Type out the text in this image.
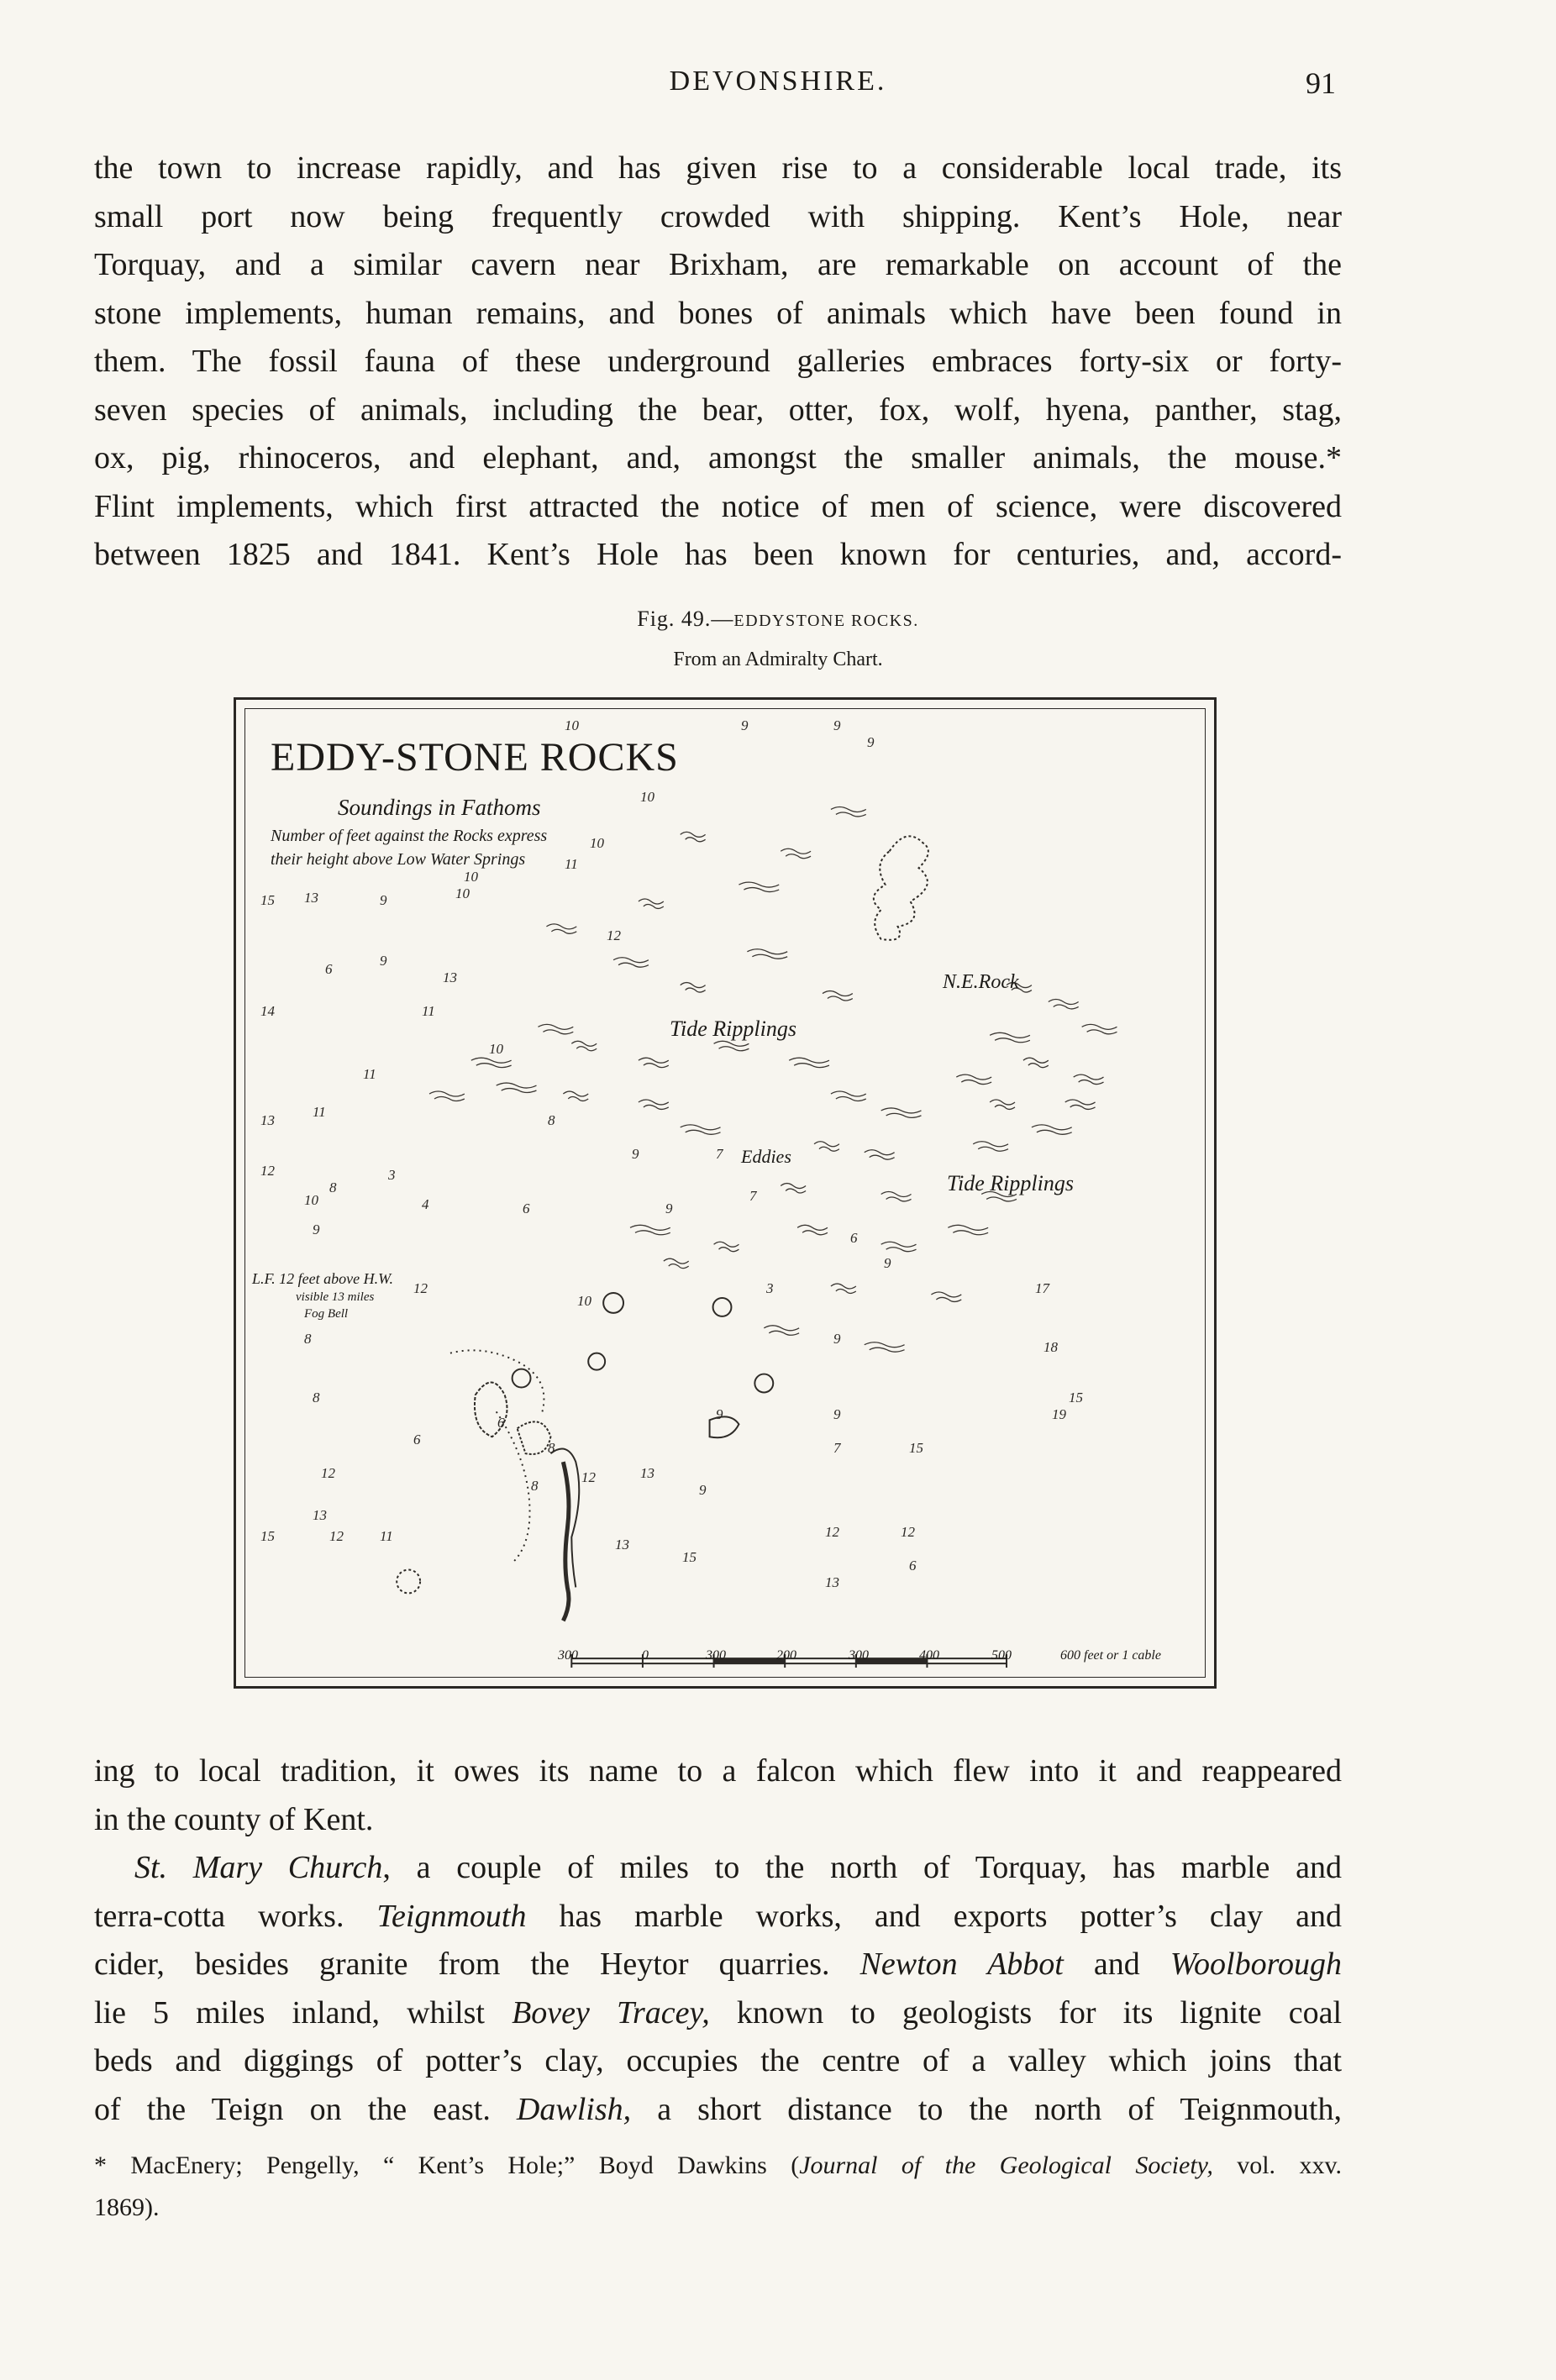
DEVONSHIRE.	91
the town to increase rapidly, and has given rise to a considerable local trade, its
small port now being frequently crowded with shipping. Kent’s Hole, near
Torquay, and a similar cavern near Brixham, are remarkable on account of the
stone implements, human remains, and bones of animals which have been found in
them. The fossil fauna of these underground galleries embraces forty-six or forty-
seven species of animals, including the bear, otter, fox, wolf, hyena, panther, stag,
ox, pig, rhinoceros, and elephant, and, amongst the smaller animals, the mouse.*
Flint implements, which first attracted the notice of men of science, were discovered
between 1825 and 1841. Kent’s Hole has been known for centuries, and, accord-
Fig. 49.—EDDYSTONE ROCKS.
From an Admiralty Chart.
EDDY-STONE ROCKS
Soundings in Fathoms
Number of feet against the Rocks express
their height above Low Water Springs
N.E.Rock
Tide Ripplings
Tide Ripplings
Eddies
L.F. 12 feet above H.W.
visible 13 miles
Fog Bell
10	9	9
9
10
10
10
15 13	9	10
12
11
6
9
13
14	11
10
11
11
13
12	3
8
9
10	4	6
8
9	7
9
7
6
9
9
8
8
6
6
8
8
12
13
15	12	11
12	13
13
15
12	12
13
6
9
9	9
7	15
15
17
18
19
12
10
3
300	0	300	200	300	400	500	600 feet or 1 cable
ing to local tradition, it owes its name to a falcon which flew into it and reappeared
in the county of Kent.
St. Mary Church, a couple of miles to the north of Torquay, has marble and
terra-cotta works. Teignmouth has marble works, and exports potter’s clay and
cider, besides granite from the Heytor quarries. Newton Abbot and Woolborough
lie 5 miles inland, whilst Bovey Tracey, known to geologists for its lignite coal
beds and diggings of potter’s clay, occupies the centre of a valley which joins that
of the Teign on the east. Dawlish, a short distance to the north of Teignmouth,
* MacEnery; Pengelly, “ Kent’s Hole;” Boyd Dawkins (Journal of the Geological Society, vol. xxv.
1869).
